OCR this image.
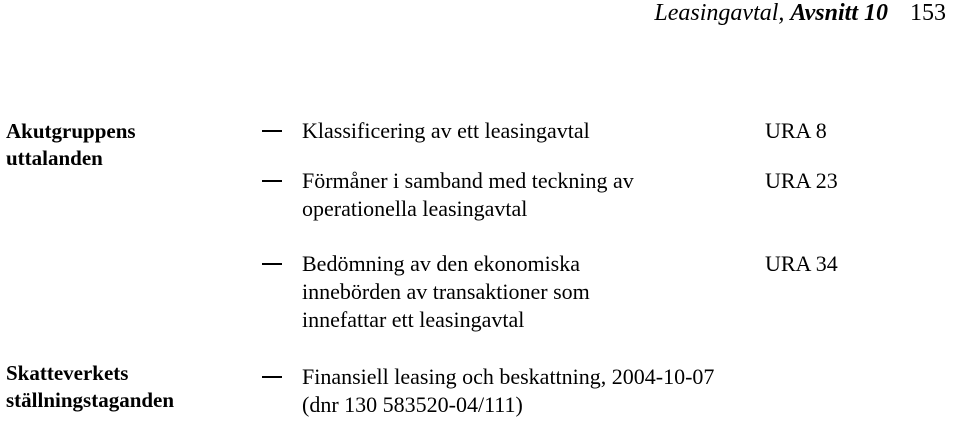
Leasingavtal, Avsnitt 10 153
Akutgruppens
uttalanden
Skatteverkets
ställningstaganden
Klassificering av ett leasingavtal	URA 8
Förmåner i samband med teckning av
operationella leasingavtal
URA 23
Bedömning av den ekonomiska
innebörden av transaktioner som
innefattar ett leasingavtal
URA 34
Finansiell leasing och beskattning, 2004-10-07
(dnr 130 583520-04/111)
